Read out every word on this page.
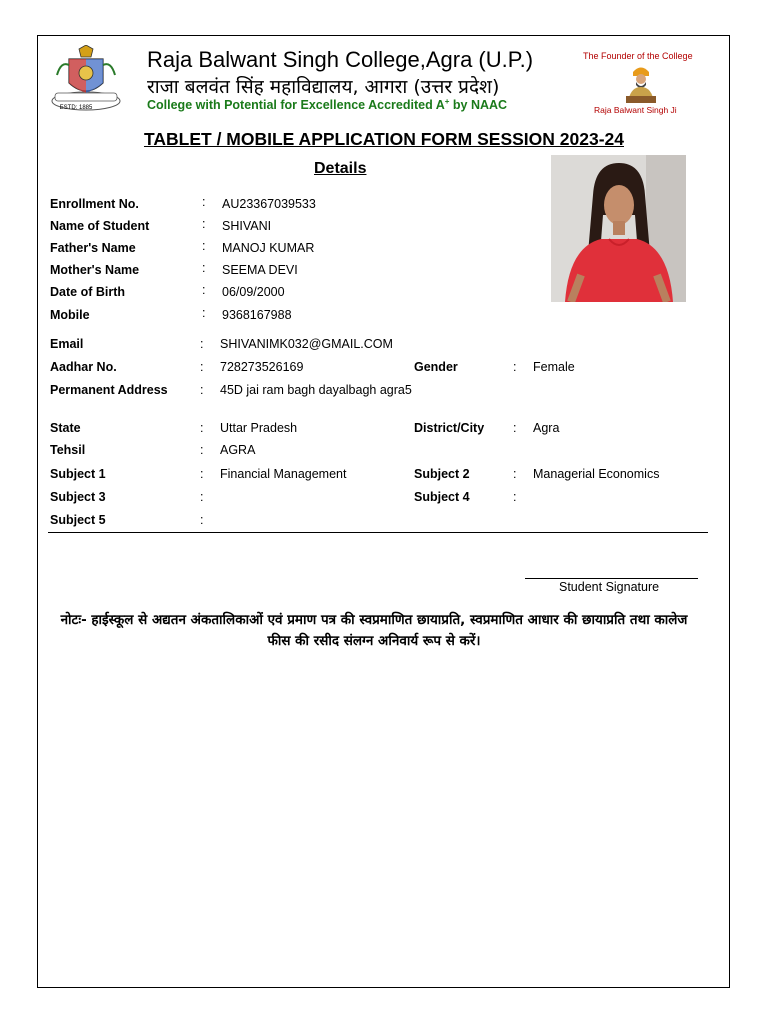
ESTD: 1885
Raja Balwant Singh College,Agra (U.P.)
राजा बलवंत सिंह महाविद्यालय, आगरा (उत्तर प्रदेश)
College with Potential for Excellence Accredited A+ by NAAC
The Founder of the College
Raja Balwant Singh Ji
TABLET / MOBILE APPLICATION FORM SESSION 2023-24
Details
Enrollment No.	: AU23367039533
Name of Student	: SHIVANI
Father's Name	: MANOJ KUMAR
Mother's Name	: SEEMA DEVI
Date of Birth	: 06/09/2000
Mobile	: 9368167988
Email	: SHIVANIMK032@GMAIL.COM
Aadhar No.	: 728273526169	Gender	: Female
Permanent Address	: 45D jai ram bagh dayalbagh agra5
State	: Uttar Pradesh	District/City : Agra
Tehsil	: AGRA
Subject 1	: Financial Management	Subject 2	: Managerial Economics
Subject 3	:	Subject 4	:
Subject 5	:
Student Signature
नोटः- हाईस्कूल से अद्यतन अंकतालिकाओं एवं प्रमाण पत्र की स्वप्रमाणित छायाप्रति, स्वप्रमाणित आधार की छायाप्रति तथा कालेज फीस की रसीद संलग्न अनिवार्य रूप से करें।
